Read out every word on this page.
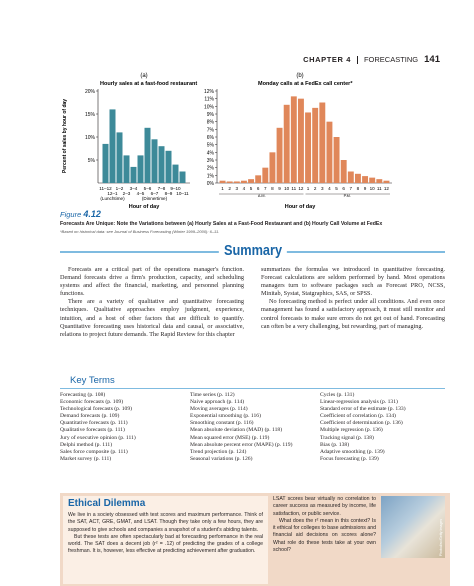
CHAPTER 4 FORECASTING 141
(a)
Hourly sales at a fast-food restaurant
5%
10%
15%
20%
Percent of sales by hour of day
11–12 1–2 3–4 5–6 7–8 9–10
12–1 2–3 4–5 6–7 8–9 10–11
(Lunchtime)	(Dinnertime)
Hour of day
(b)
Monday calls at a FedEx call center*
0%
1%
2%
3%
4%
5%
6%
7%
8%
9%
10%
11%
12%
1 2 3 4 5 6 7 8 9 10 11 12 1 2 3 4 5 6 7 8 9 10 11 12
A.M.	P.M.
Hour of day
Figure 4.12
Forecasts Are Unique: Note the Variations between (a) Hourly Sales at a Fast-Food Restaurant and (b) Hourly Call Volume at FedEx
*Based on historical data: see Journal of Business Forecasting (Winter 1999–2000): 6–11.
Summary

Forecasts are a critical part of the operations manager's function. Demand forecasts drive a firm's production, capacity, and scheduling systems and affect the financial, marketing, and personnel planning functions.

There are a variety of qualitative and quantitative forecasting techniques. Qualitative approaches employ judgment, experience, intuition, and a host of other factors that are difficult to quantify. Quantitative forecasting uses historical data and causal, or associative, relations to project future demands. The Rapid Review for this chapter

summarizes the formulas we introduced in quantitative forecasting. Forecast calculations are seldom performed by hand. Most operations managers turn to software packages such as Forecast PRO, NCSS, Minitab, Systat, Statgraphics, SAS, or SPSS.

No forecasting method is perfect under all conditions. And even once management has found a satisfactory approach, it must still monitor and control forecasts to make sure errors do not get out of hand. Forecasting can often be a very challenging, but rewarding, part of managing.

Key Terms
Forecasting (p. 108)
Economic forecasts (p. 109)
Technological forecasts (p. 109)
Demand forecasts (p. 109)
Quantitative forecasts (p. 111)
Qualitative forecasts (p. 111)
Jury of executive opinion (p. 111)
Delphi method (p. 111)
Sales force composite (p. 111)
Market survey (p. 111)
Time series (p. 112)
Naive approach (p. 114)
Moving averages (p. 114)
Exponential smoothing (p. 116)
Smoothing constant (p. 116)
Mean absolute deviation (MAD) (p. 118)
Mean squared error (MSE) (p. 119)
Mean absolute percent error (MAPE) (p. 119)
Trend projection (p. 124)
Seasonal variations (p. 126)
Cycles (p. 131)
Linear-regression analysis (p. 131)
Standard error of the estimate (p. 133)
Coefficient of correlation (p. 134)
Coefficient of determination (p. 136)
Multiple regression (p. 136)
Tracking signal (p. 138)
Bias (p. 138)
Adaptive smoothing (p. 139)
Focus forecasting (p. 139)
Ethical Dilemma

We live in a society obsessed with test scores and maximum performance. Think of the SAT, ACT, GRE, GMAT, and LSAT. Though they take only a few hours, they are supposed to give schools and companies a snapshot of a student's abiding talents.

But these tests are often spectacularly bad at forecasting performance in the real world. The SAT does a decent job (r² = .12) of predicting the grades of a college freshman. It is, however, less effective at predicting achievement after graduation.

LSAT scores bear virtually no correlation to career success as measured by income, life satisfaction, or public service.

What does the r² mean in this context? Is it ethical for colleges to base admissions and financial aid decisions on scores alone? What role do these tests take at your own school?	Photodisc/Getty Images
